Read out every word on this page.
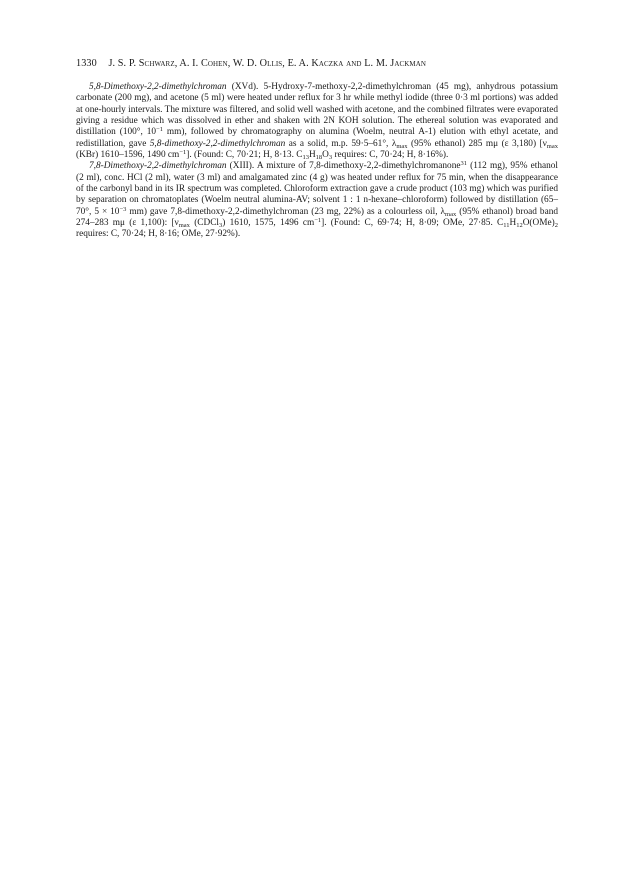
1330 J. S. P. Schwarz, A. I. Cohen, W. D. Ollis, E. A. Kaczka and L. M. Jackman

5,8-Dimethoxy-2,2-dimethylchroman (XVd). 5-Hydroxy-7-methoxy-2,2-dimethylchroman (45 mg), anhydrous potassium carbonate (200 mg), and acetone (5 ml) were heated under reflux for 3 hr while methyl iodide (three 0·3 ml portions) was added at one-hourly intervals. The mixture was filtered, and solid well washed with acetone, and the combined filtrates were evaporated giving a residue which was dissolved in ether and shaken with 2N KOH solution. The ethereal solution was evaporated and distillation (100°, $10^{-1}$ mm), followed by chromatography on alumina (Woelm, neutral A-1) elution with ethyl acetate, and redistillation, gave 5,8-dimethoxy-2,2-dimethylchroman as a solid, m.p. 59·5–61°, $\lambda_{max}$ (95% ethanol) 285 mμ (ε 3,180) [$\nu_{max}$ (KBr) 1610–1596, 1490 $cm^{-1}$]. (Found: C, 70·21; H, 8·13. $C_{13}H_{18}O_3$ requires: C, 70·24; H, 8·16%).

7,8-Dimethoxy-2,2-dimethylchroman (XIII). A mixture of 7,8-dimethoxy-2,2-dimethylchromanone$^{31}$ (112 mg), 95% ethanol (2 ml), conc. HCl (2 ml), water (3 ml) and amalgamated zinc (4 g) was heated under reflux for 75 min, when the disappearance of the carbonyl band in its IR spectrum was completed. Chloroform extraction gave a crude product (103 mg) which was purified by separation on chromatoplates (Woelm neutral alumina-AV; solvent 1 : 1 n-hexane–chloroform) followed by distillation (65–70°, $5 \times 10^{-3}$ mm) gave 7,8-dimethoxy-2,2-dimethylchroman (23 mg, 22%) as a colourless oil, $\lambda_{max}$ (95% ethanol) broad band 274–283 mμ (ε 1,100): [$\nu_{max}$ (CDCl$_3$) 1610, 1575, 1496 $cm^{-1}$]. (Found: C, 69·74; H, 8·09; OMe, 27·85. $C_{11}H_{12}O(OMe)_2$ requires: C, 70·24; H, 8·16; OMe, 27·92%).
